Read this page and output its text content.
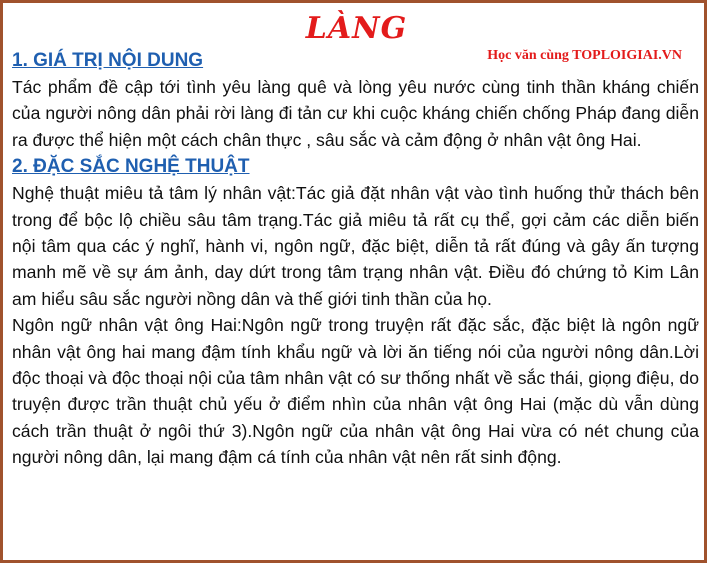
LÀNG
Học văn cùng TOPLOIGIAI.VN
1. GIÁ TRỊ NỘI DUNG

Tác phẩm đề cập tới tình yêu làng quê và lòng yêu nước cùng tinh thần kháng chiến của người nông dân phải rời làng đi tản cư khi cuộc kháng chiến chống Pháp đang diễn ra được thể hiện một cách chân thực , sâu sắc và cảm động ở nhân vật ông Hai.

2. ĐẶC SẮC NGHỆ THUẬT

Nghệ thuật miêu tả tâm lý nhân vật:Tác giả đặt nhân vật vào tình huống thử thách bên trong để bộc lộ chiều sâu tâm trạng.Tác giả miêu tả rất cụ thể, gợi cảm các diễn biến nội tâm qua các ý nghĩ, hành vi, ngôn ngữ, đặc biệt, diễn tả rất đúng và gây ấn tượng manh mẽ về sự ám ảnh, day dứt trong tâm trạng nhân vật. Điều đó chứng tỏ Kim Lân am hiểu sâu sắc người nồng dân và thế giới tinh thần của họ.

Ngôn ngữ nhân vật ông Hai:Ngôn ngữ trong truyện rất đặc sắc, đặc biệt là ngôn ngữ nhân vật ông hai mang đậm tính khẩu ngữ và lời ăn tiếng nói của người nông dân.Lời độc thoại và độc thoại nội của tâm nhân vật có sư thống nhất về sắc thái, giọng điệu, do truyện được trần thuật chủ yếu ở điểm nhìn của nhân vật ông Hai (mặc dù vẫn dùng cách trần thuật ở ngôi thứ 3).Ngôn ngữ của nhân vật ông Hai vừa có nét chung của người nông dân, lại mang đậm cá tính của nhân vật nên rất sinh động.
